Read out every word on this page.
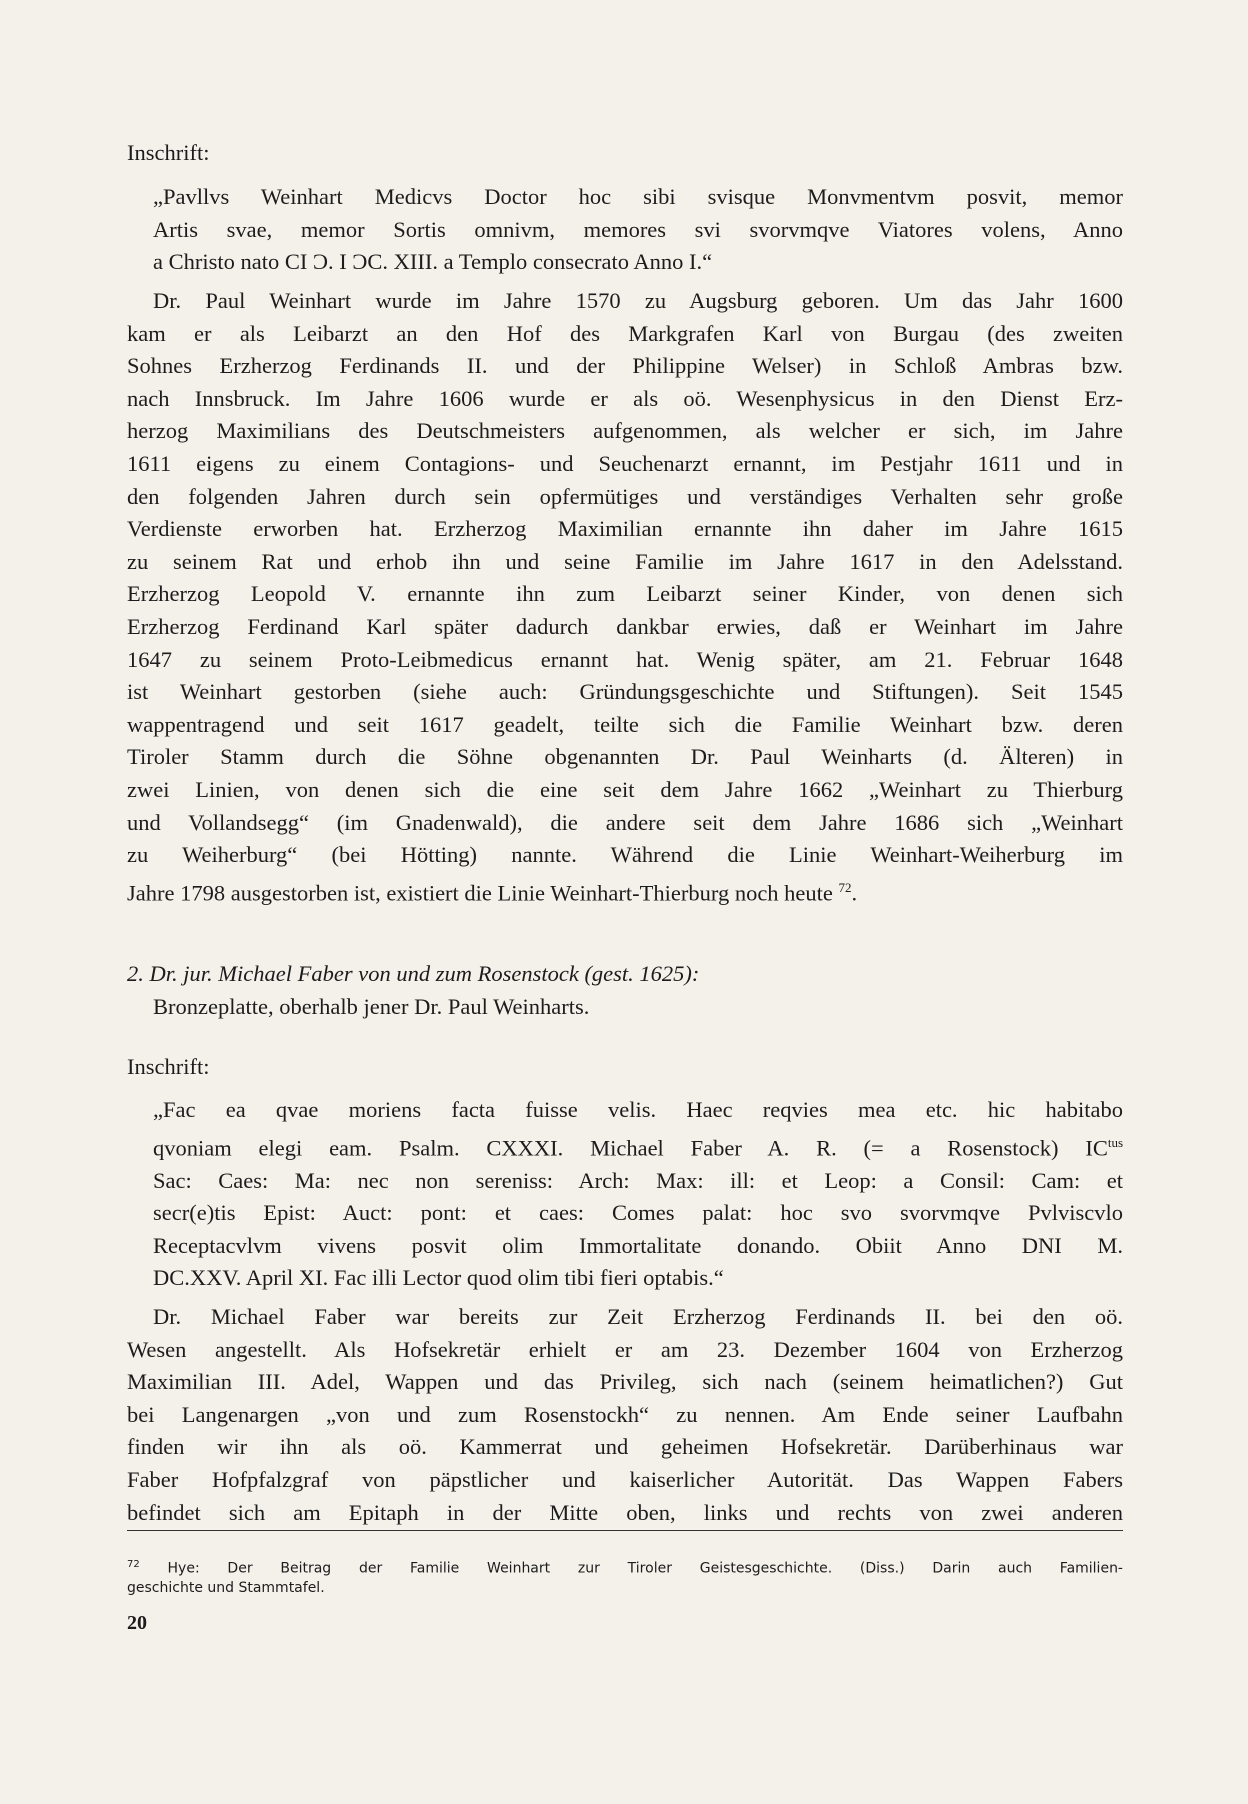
Inschrift:
„Pavllvs Weinhart Medicvs Doctor hoc sibi svisque Monvmentvm posvit, memor
Artis svae, memor Sortis omnivm, memores svi svorvmqve Viatores volens, Anno
a Christo nato CI Ͻ. I ϽC. XIII. a Templo consecrato Anno I.“
Dr. Paul Weinhart wurde im Jahre 1570 zu Augsburg geboren. Um das Jahr 1600
kam er als Leibarzt an den Hof des Markgrafen Karl von Burgau (des zweiten
Sohnes Erzherzog Ferdinands II. und der Philippine Welser) in Schloß Ambras bzw.
nach Innsbruck. Im Jahre 1606 wurde er als oö. Wesenphysicus in den Dienst Erz-
herzog Maximilians des Deutschmeisters aufgenommen, als welcher er sich, im Jahre
1611 eigens zu einem Contagions- und Seuchenarzt ernannt, im Pestjahr 1611 und in
den folgenden Jahren durch sein opfermütiges und verständiges Verhalten sehr große
Verdienste erworben hat. Erzherzog Maximilian ernannte ihn daher im Jahre 1615
zu seinem Rat und erhob ihn und seine Familie im Jahre 1617 in den Adelsstand.
Erzherzog Leopold V. ernannte ihn zum Leibarzt seiner Kinder, von denen sich
Erzherzog Ferdinand Karl später dadurch dankbar erwies, daß er Weinhart im Jahre
1647 zu seinem Proto-Leibmedicus ernannt hat. Wenig später, am 21. Februar 1648
ist Weinhart gestorben (siehe auch: Gründungsgeschichte und Stiftungen). Seit 1545
wappentragend und seit 1617 geadelt, teilte sich die Familie Weinhart bzw. deren
Tiroler Stamm durch die Söhne obgenannten Dr. Paul Weinharts (d. Älteren) in
zwei Linien, von denen sich die eine seit dem Jahre 1662 „Weinhart zu Thierburg
und Vollandsegg“ (im Gnadenwald), die andere seit dem Jahre 1686 sich „Weinhart
zu Weiherburg“ (bei Hötting) nannte. Während die Linie Weinhart-Weiherburg im
Jahre 1798 ausgestorben ist, existiert die Linie Weinhart-Thierburg noch heute $^{72}$.
2. Dr. jur. Michael Faber von und zum Rosenstock (gest. 1625):
Bronzeplatte, oberhalb jener Dr. Paul Weinharts.
Inschrift:
„Fac ea qvae moriens facta fuisse velis. Haec reqvies mea etc. hic habitabo
qvoniam elegi eam. Psalm. CXXXI. Michael Faber A. R. (= a Rosenstock) $IC^{tus}$
Sac: Caes: Ma: nec non sereniss: Arch: Max: ill: et Leop: a Consil: Cam: et
secr(e)tis Epist: Auct: pont: et caes: Comes palat: hoc svo svorvmqve Pvlviscvlo
Receptacvlvm vivens posvit olim Immortalitate donando. Obiit Anno DNI M.
DC.XXV. April XI. Fac illi Lector quod olim tibi fieri optabis.“
Dr. Michael Faber war bereits zur Zeit Erzherzog Ferdinands II. bei den oö.
Wesen angestellt. Als Hofsekretär erhielt er am 23. Dezember 1604 von Erzherzog
Maximilian III. Adel, Wappen und das Privileg, sich nach (seinem heimatlichen?) Gut
bei Langenargen „von und zum Rosenstockh“ zu nennen. Am Ende seiner Laufbahn
finden wir ihn als oö. Kammerrat und geheimen Hofsekretär. Darüberhinaus war
Faber Hofpfalzgraf von päpstlicher und kaiserlicher Autorität. Das Wappen Fabers
befindet sich am Epitaph in der Mitte oben, links und rechts von zwei anderen
$^{72}$ Hye: Der Beitrag der Familie Weinhart zur Tiroler Geistesgeschichte. (Diss.) Darin auch Familien-
geschichte und Stammtafel.
20
